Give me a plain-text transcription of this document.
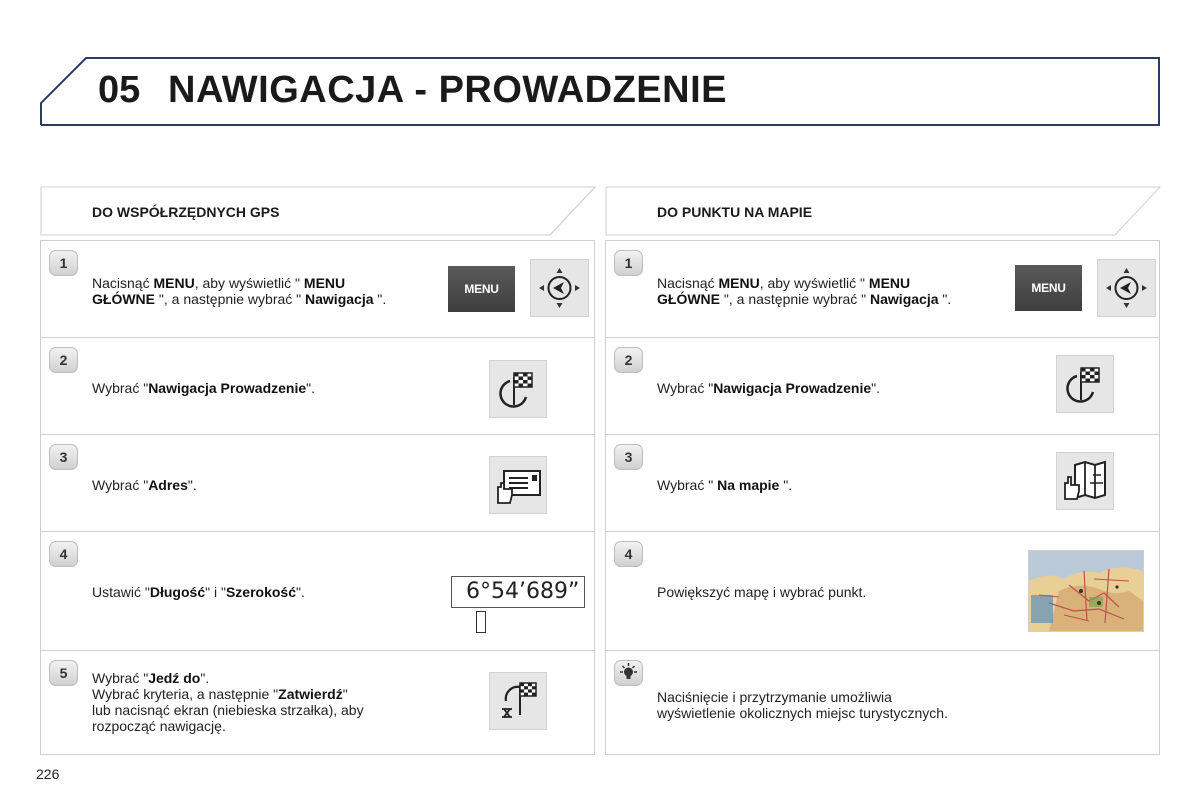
05 NAWIGACJA - PROWADZENIE
DO WSPÓŁRZĘDNYCH GPS
1
Nacisnąć MENU, aby wyświetlić " MENU
GŁÓWNE ", a następnie wybrać " Nawigacja ".
MENU
2
Wybrać "Nawigacja Prowadzenie".
3
Wybrać "Adres".
4
Ustawić "Długość" i "Szerokość".	6°54’689”
5	Wybrać "Jedź do".
Wybrać kryteria, a następnie "Zatwierdź"
lub nacisnąć ekran (niebieska strzałka), aby
rozpocząć nawigację.
DO PUNKTU NA MAPIE
1
Nacisnąć MENU, aby wyświetlić " MENU
GŁÓWNE ", a następnie wybrać " Nawigacja ".
MENU
2
Wybrać "Nawigacja Prowadzenie".
3
Wybrać " Na mapie ".
4
Powiększyć mapę i wybrać punkt.
Naciśnięcie i przytrzymanie umożliwia
wyświetlenie okolicznych miejsc turystycznych.
226
